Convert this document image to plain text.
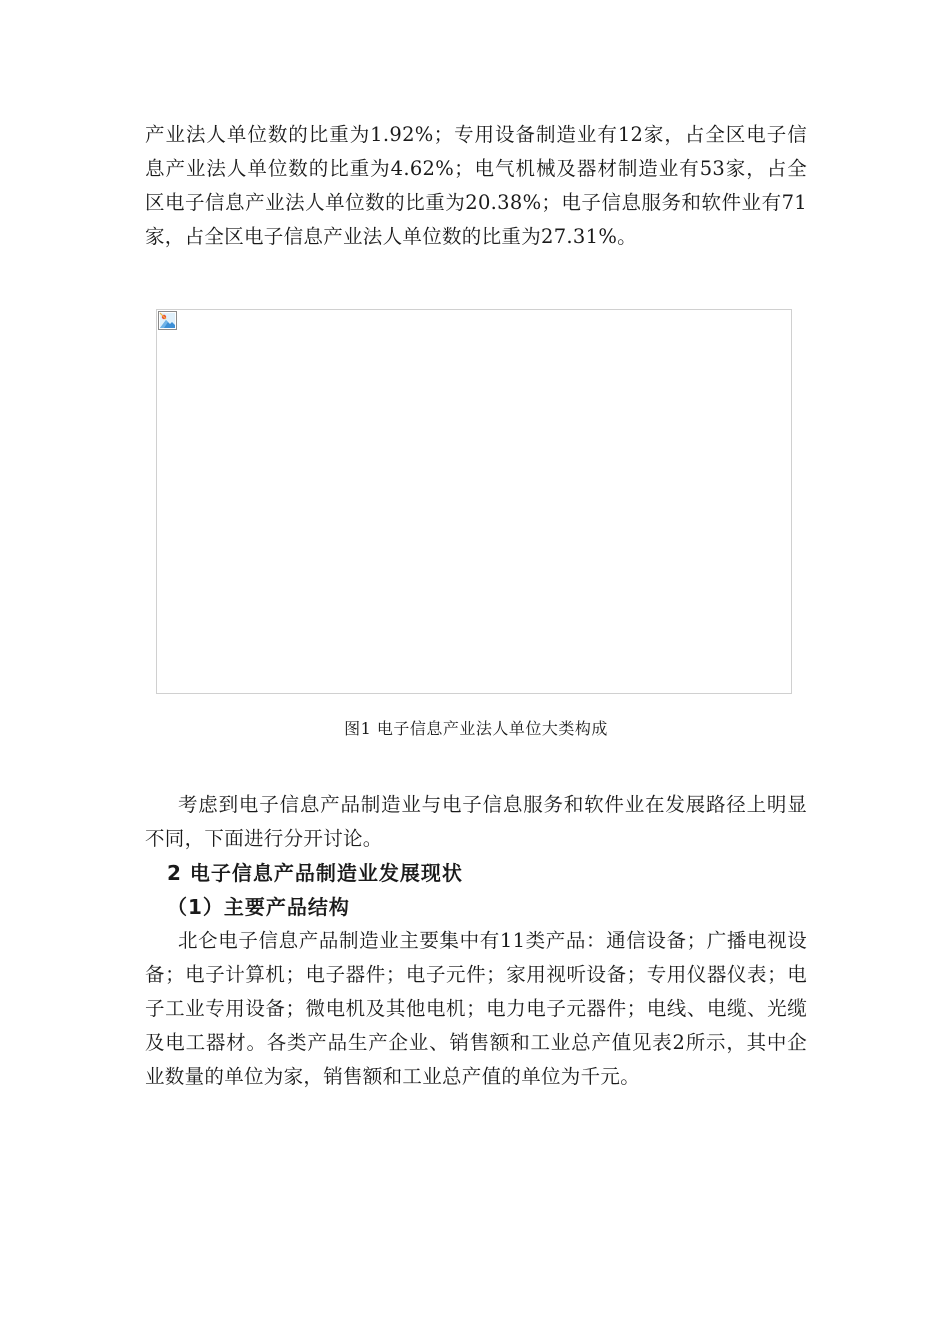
产业法人单位数的比重为1.92%；专用设备制造业有12家，占全区电子信息产业法人单位数的比重为4.62%；电气机械及器材制造业有53家，占全区电子信息产业法人单位数的比重为20.38%；电子信息服务和软件业有71家，占全区电子信息产业法人单位数的比重为27.31%。

图1 电子信息产业法人单位大类构成

考虑到电子信息产品制造业与电子信息服务和软件业在发展路径上明显不同，下面进行分开讨论。

2 电子信息产品制造业发展现状

（1）主要产品结构

北仑电子信息产品制造业主要集中有11类产品：通信设备；广播电视设备；电子计算机；电子器件；电子元件；家用视听设备；专用仪器仪表；电子工业专用设备；微电机及其他电机；电力电子元器件；电线、电缆、光缆及电工器材。各类产品生产企业、销售额和工业总产值见表2所示，其中企业数量的单位为家，销售额和工业总产值的单位为千元。
